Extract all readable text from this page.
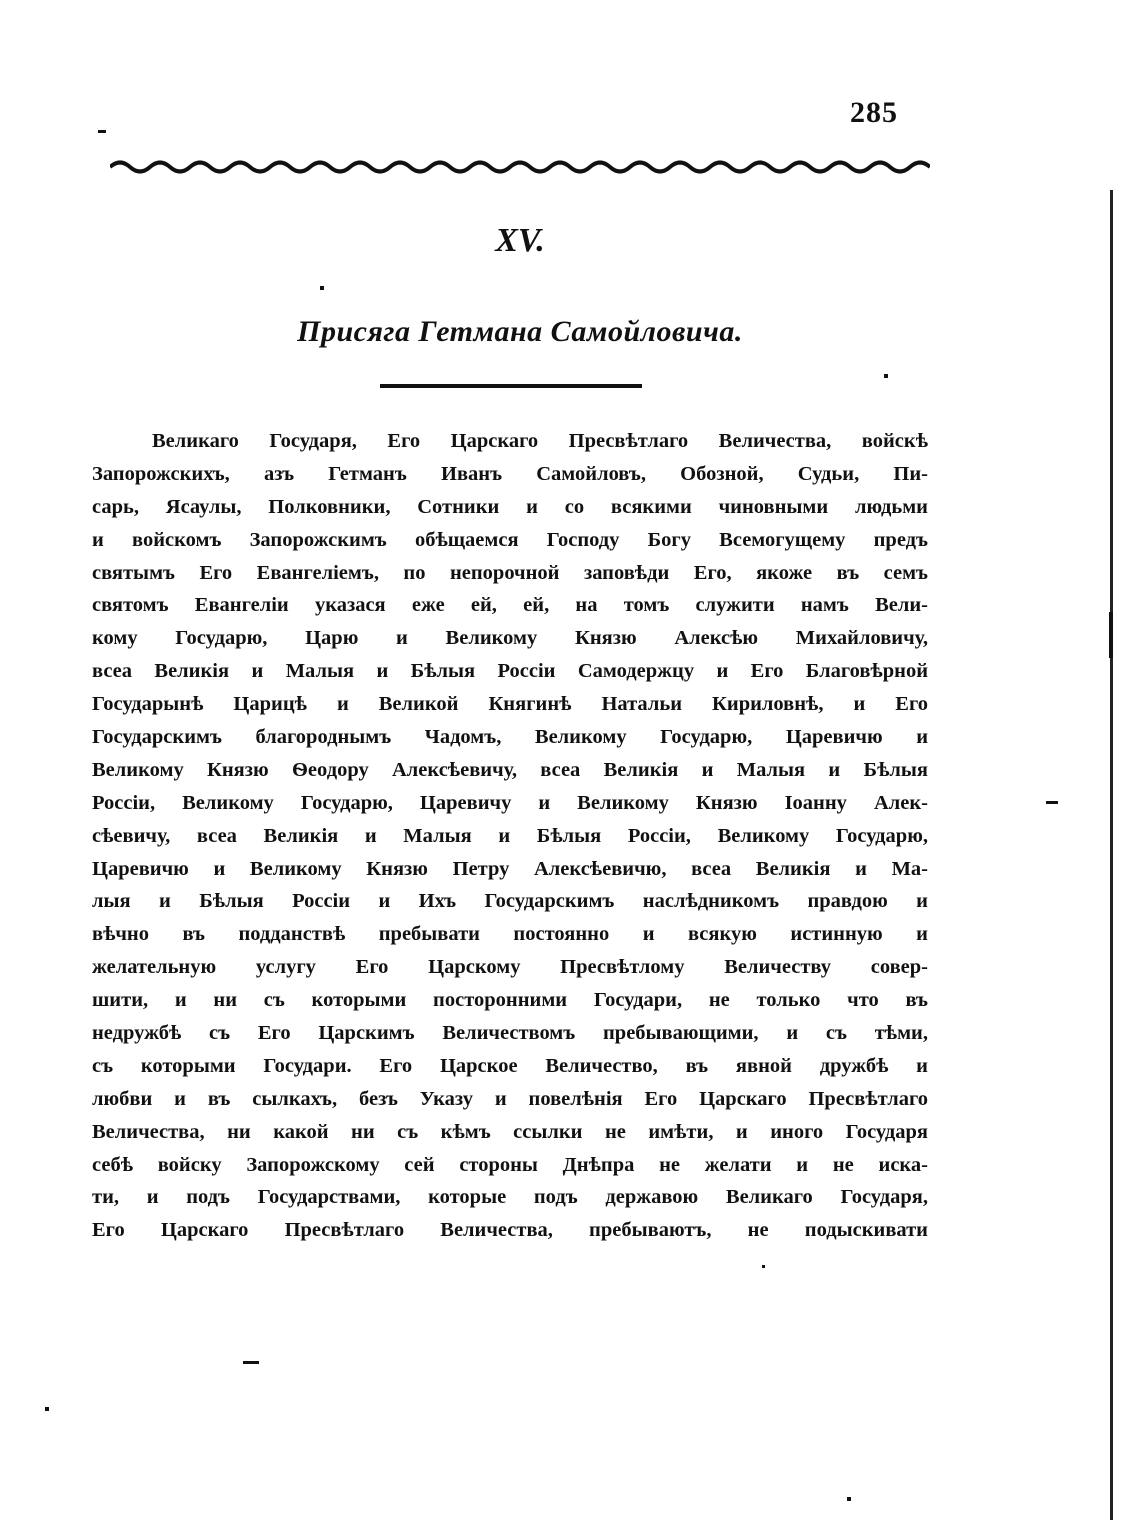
285
XV.
Присяга Гетмана Самойловича.
Великаго Государя, Его Царскаго Пресвѣтлаго Величества, войскѣ
Запорожскихъ, азъ Гетманъ Иванъ Самойловъ, Обозной, Судьи, Пи-
сарь, Ясаулы, Полковники, Сотники и со всякими чиновными людьми
и войскомъ Запорожскимъ обѣщаемся Господу Богу Всемогущему предъ
святымъ Его Евангеліемъ, по непорочной заповѣди Его, якоже въ семъ
святомъ Евангеліи указася еже ей, ей, на томъ служити намъ Вели-
кому Государю, Царю и Великому Князю Алексѣю Михайловичу,
всеа Великія и Малыя и Бѣлыя Россіи Самодержцу и Его Благовѣрной
Государынѣ Царицѣ и Великой Княгинѣ Натальи Кириловнѣ, и Его
Государскимъ благороднымъ Чадомъ, Великому Государю, Царевичю и
Великому Князю Ѳеодору Алексѣевичу, всеа Великія и Малыя и Бѣлыя
Россіи, Великому Государю, Царевичу и Великому Князю Іоанну Алек-
сѣевичу, всеа Великія и Малыя и Бѣлыя Россіи, Великому Государю,
Царевичю и Великому Князю Петру Алексѣевичю, всеа Великія и Ма-
лыя и Бѣлыя Россіи и Ихъ Государскимъ наслѣдникомъ правдою и
вѣчно въ подданствѣ пребывати постоянно и всякую истинную и
желательную услугу Его Царскому Пресвѣтлому Величеству совер-
шити, и ни съ которыми посторонними Государи, не только что въ
недружбѣ съ Его Царскимъ Величествомъ пребывающими, и съ тѣми,
съ которыми Государи. Его Царское Величество, въ явной дружбѣ и
любви и въ сылкахъ, безъ Указу и повелѣнія Его Царскаго Пресвѣтлаго
Величества, ни какой ни съ кѣмъ ссылки не имѣти, и иного Государя
себѣ войску Запорожскому сей стороны Днѣпра не желати и не иска-
ти, и подъ Государствами, которые подъ державою Великаго Государя,
Его Царскаго Пресвѣтлаго Величества, пребываютъ, не подыскивати
